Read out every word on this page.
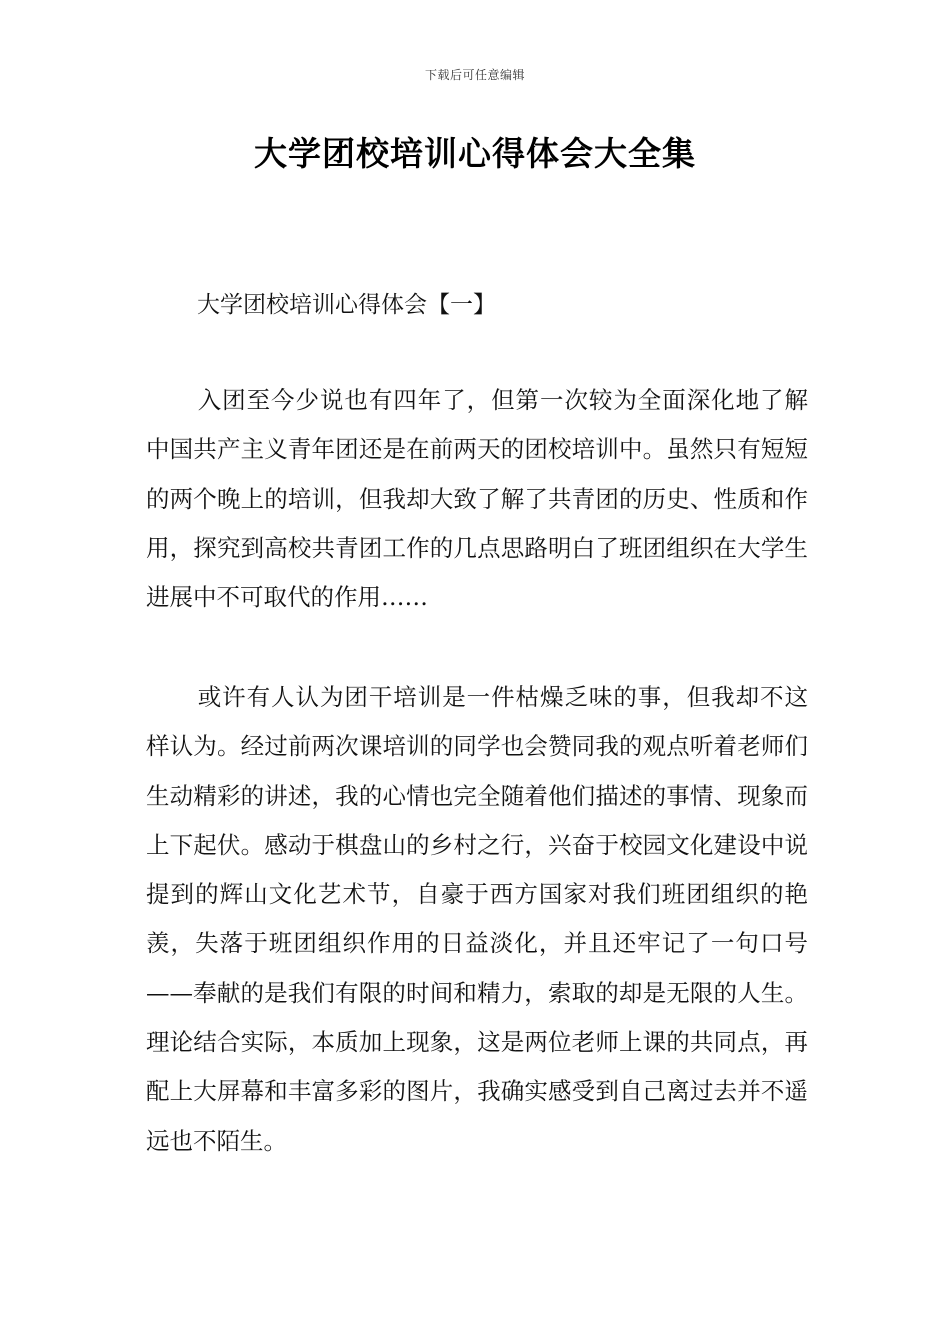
下载后可任意编辑
大学团校培训心得体会大全集
大学团校培训心得体会【一】

入团至今少说也有四年了，但第一次较为全面深化地了解中国共产主义青年团还是在前两天的团校培训中。虽然只有短短的两个晚上的培训，但我却大致了解了共青团的历史、性质和作用，探究到高校共青团工作的几点思路明白了班团组织在大学生进展中不可取代的作用……

或许有人认为团干培训是一件枯燥乏味的事，但我却不这样认为。经过前两次课培训的同学也会赞同我的观点听着老师们生动精彩的讲述，我的心情也完全随着他们描述的事情、现象而上下起伏。感动于棋盘山的乡村之行，兴奋于校园文化建设中说提到的辉山文化艺术节，自豪于西方国家对我们班团组织的艳羡，失落于班团组织作用的日益淡化，并且还牢记了一句口号——奉献的是我们有限的时间和精力，索取的却是无限的人生。理论结合实际，本质加上现象，这是两位老师上课的共同点，再配上大屏幕和丰富多彩的图片，我确实感受到自己离过去并不遥远也不陌生。
